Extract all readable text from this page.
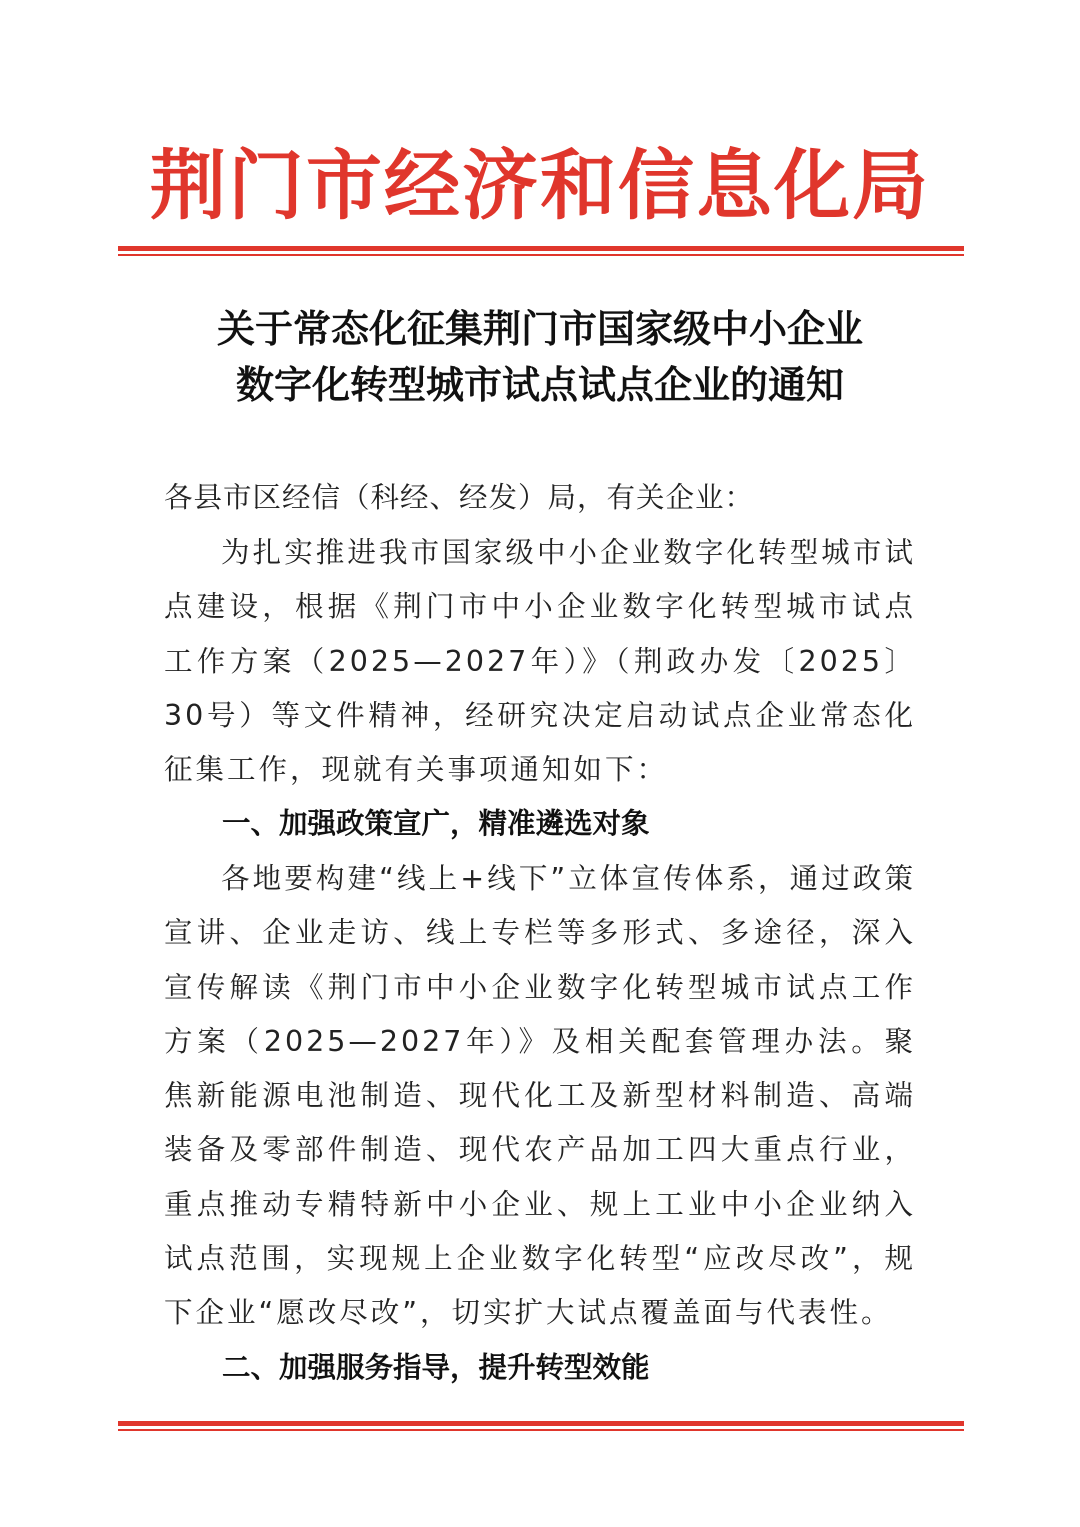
荆门市经济和信息化局
关于常态化征集荆门市国家级中小企业
数字化转型城市试点试点企业的通知

各县市区经信（科经、经发）局，有关企业：

为扎实推进我市国家级中小企业数字化转型城市试点建设，根据《荆门市中小企业数字化转型城市试点工作方案（2025—2027年）》（荆政办发〔2025〕30号）等文件精神，经研究决定启动试点企业常态化征集工作，现就有关事项通知如下：

一、加强政策宣广，精准遴选对象

各地要构建“线上+线下”立体宣传体系，通过政策宣讲、企业走访、线上专栏等多形式、多途径，深入宣传解读《荆门市中小企业数字化转型城市试点工作方案（2025—2027年）》及相关配套管理办法。聚焦新能源电池制造、现代化工及新型材料制造、高端装备及零部件制造、现代农产品加工四大重点行业，重点推动专精特新中小企业、规上工业中小企业纳入试点范围，实现规上企业数字化转型“应改尽改”，规下企业“愿改尽改”，切实扩大试点覆盖面与代表性。

二、加强服务指导，提升转型效能
